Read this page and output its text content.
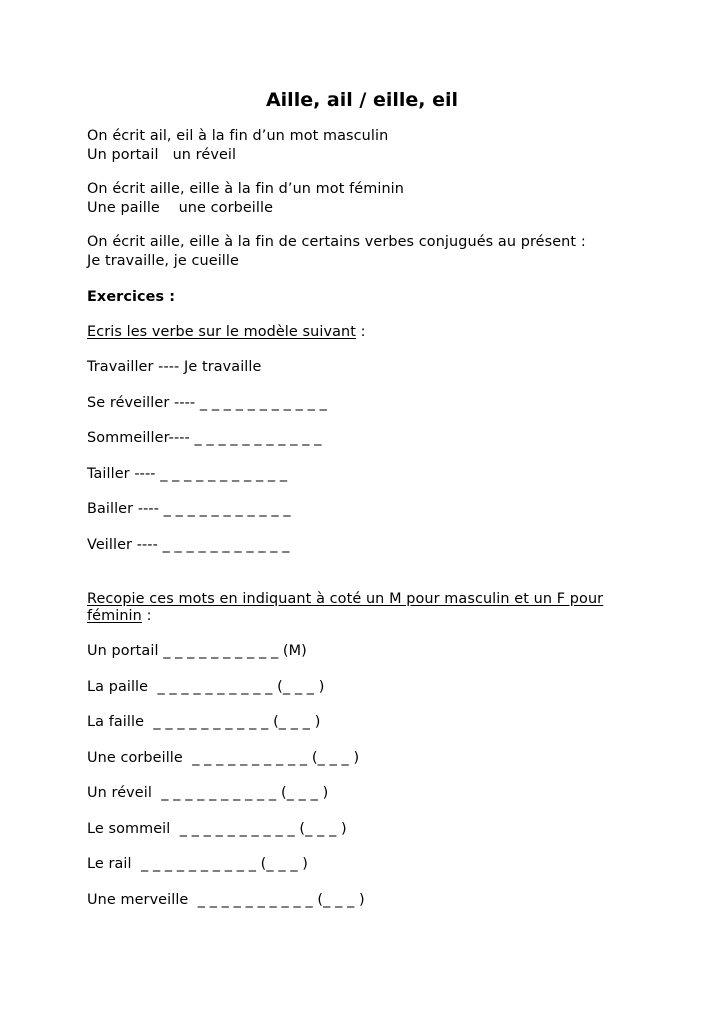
Aille, ail / eille, eil

On écrit ail, eil à la fin d’un mot masculin

Un portail   un réveil

On écrit aille, eille à la fin d’un mot féminin

Une paille    une corbeille

On écrit aille, eille à la fin de certains verbes conjugués au présent :

Je travaille, je cueille

Exercices :

Ecris les verbe sur le modèle suivant :

Travailler ---- Je travaille

Se réveiller ---- _ _ _ _ _ _ _ _ _ _ _

Sommeiller---- _ _ _ _ _ _ _ _ _ _ _

Tailler ---- _ _ _ _ _ _ _ _ _ _ _

Bailler ---- _ _ _ _ _ _ _ _ _ _ _

Veiller ---- _ _ _ _ _ _ _ _ _ _ _

Recopie ces mots en indiquant à coté un M pour masculin et un F pour

féminin :

Un portail _ _ _ _ _ _ _ _ _ _ (M)

La paille  _ _ _ _ _ _ _ _ _ _ (_ _ _ )

La faille  _ _ _ _ _ _ _ _ _ _ (_ _ _ )

Une corbeille  _ _ _ _ _ _ _ _ _ _ (_ _ _ )

Un réveil  _ _ _ _ _ _ _ _ _ _ (_ _ _ )

Le sommeil  _ _ _ _ _ _ _ _ _ _ (_ _ _ )

Le rail  _ _ _ _ _ _ _ _ _ _ (_ _ _ )

Une merveille  _ _ _ _ _ _ _ _ _ _ (_ _ _ )
